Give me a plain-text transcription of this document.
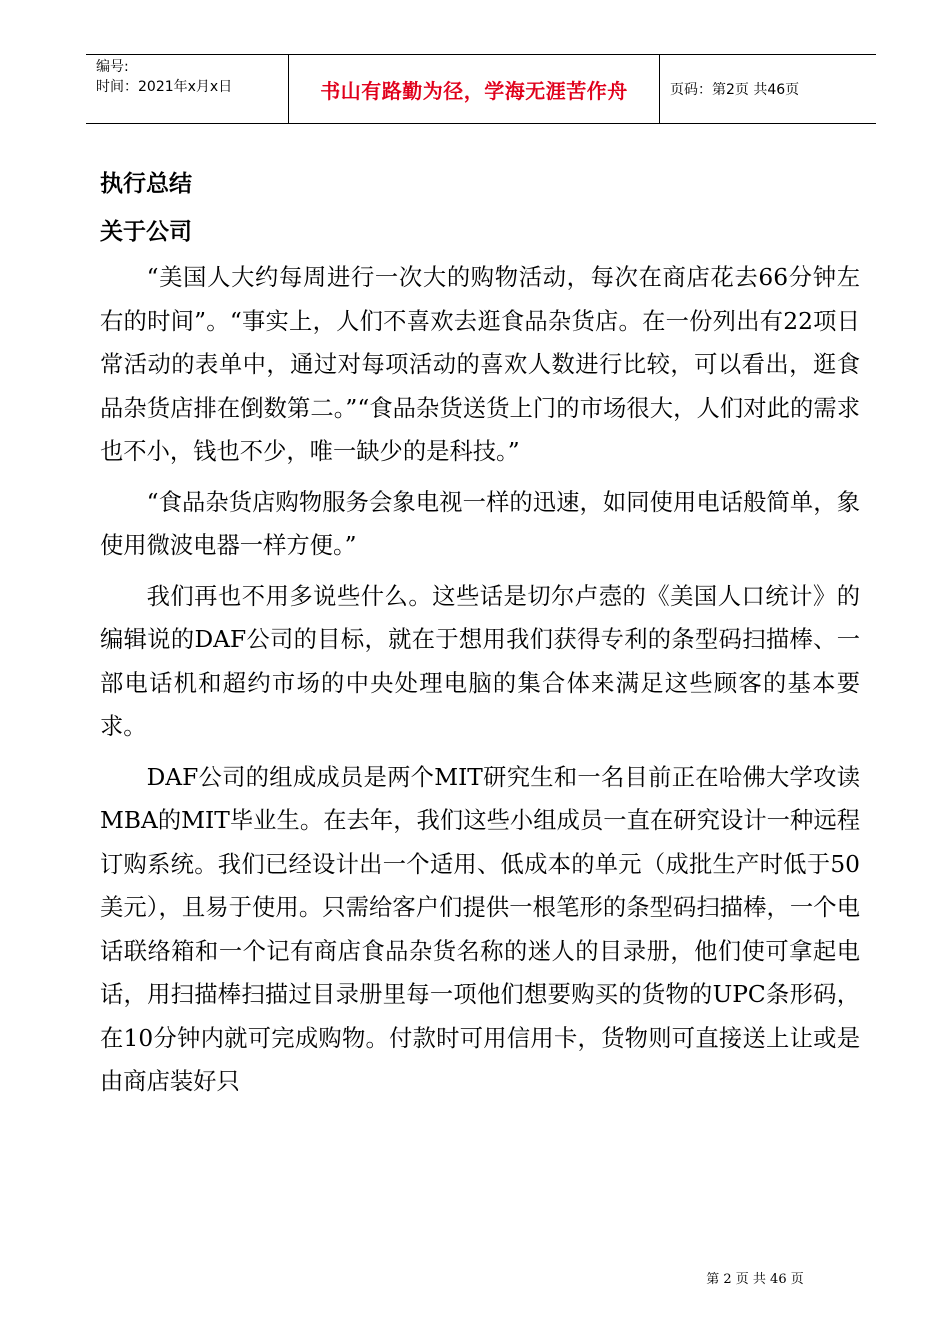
编号:
时间：2021年x月x日	书山有路勤为径，学海无涯苦作舟	页码：第2页 共46页
执行总结
关于公司

“美国人大约每周进行一次大的购物活动，每次在商店花去66分钟左右的时间”。“事实上，人们不喜欢去逛食品杂货店。在一份列出有22项日常活动的表单中，通过对每项活动的喜欢人数进行比较，可以看出，逛食品杂货店排在倒数第二。”“食品杂货送货上门的市场很大，人们对此的需求也不小，钱也不少，唯一缺少的是科技。”

“食品杂货店购物服务会象电视一样的迅速，如同使用电话般简单，象使用微波电器一样方便。”

我们再也不用多说些什么。这些话是切尔卢悫的《美国人口统计》的编辑说的DAF公司的目标，就在于想用我们获得专利的条型码扫描棒、一部电话机和超约市场的中央处理电脑的集合体来满足这些顾客的基本要求。

DAF公司的组成成员是两个MIT研究生和一名目前正在哈佛大学攻读MBA的MIT毕业生。在去年，我们这些小组成员一直在研究设计一种远程订购系统。我们已经设计出一个适用、低成本的单元（成批生产时低于50美元），且易于使用。只需给客户们提供一根笔形的条型码扫描棒，一个电话联络箱和一个记有商店食品杂货名称的迷人的目录册，他们使可拿起电话，用扫描棒扫描过目录册里每一项他们想要购买的货物的UPC条形码，在10分钟内就可完成购物。付款时可用信用卡，货物则可直接送上让或是由商店装好只

第 2 页 共 46 页
